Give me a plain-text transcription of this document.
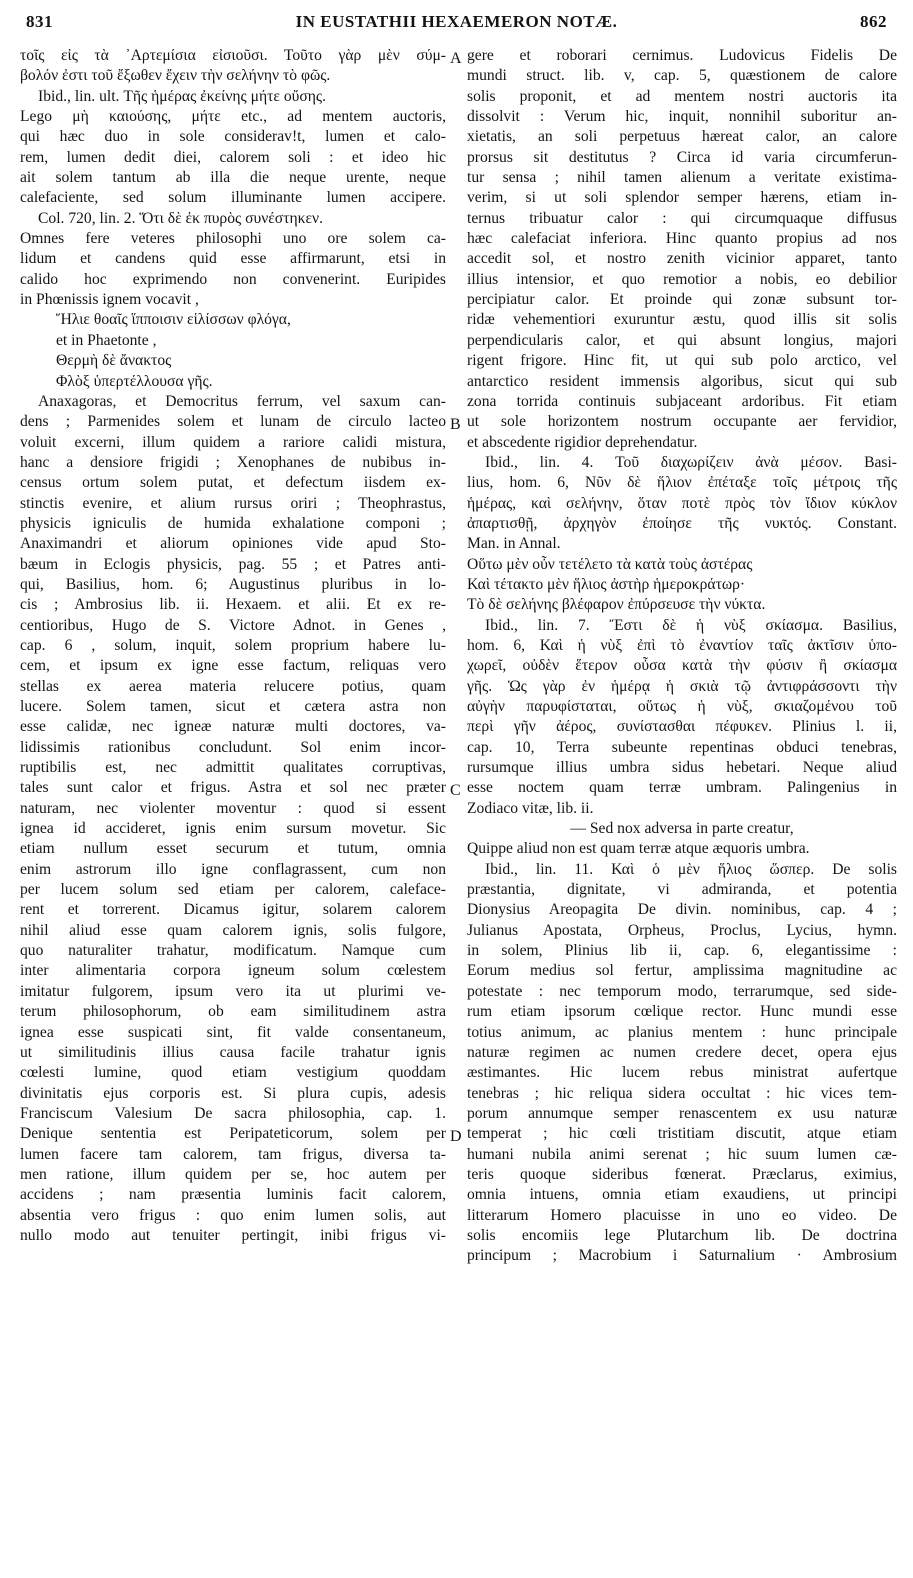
831	IN EUSTATHII HEXAEMERON NOTÆ.	862
τοῖς εἰς τὰ ᾿Αρτεμίσια εἰσιοῦσι. Τοῦτο γὰρ μὲν σύμ-
βολόν ἐστι τοῦ ἔξωθεν ἔχειν τὴν σελήνην τὸ φῶς.
Ibid., lin. ult. Τῆς ἡμέρας ἐκείνης μήτε οὔσης.
Lego μὴ καιούσης, μήτε etc., ad mentem auctoris,
qui hæc duo in sole considerav!t, lumen et calo-
rem, lumen dedit diei, calorem soli : et ideo hic
ait solem tantum ab illa die neque urente, neque
calefaciente, sed solum illuminante lumen accipere.
Col. 720, lin. 2. Ὅτι δὲ ἐκ πυρὸς συνέστηκεν.
Omnes fere veteres philosophi uno ore solem ca-
lidum et candens quid esse affirmarunt, etsi in
calido hoc exprimendo non convenerint. Euripides
in Phœnissis ignem vocavit ,
Ἥλιε θοαῖς ἵπποισιν εἱλίσσων φλόγα,
et in Phaetonte ,
Θερμὴ δὲ ἄνακτος
Φλὸξ ὑπερτέλλουσα γῆς.
Anaxagoras, et Democritus ferrum, vel saxum can-
dens ; Parmenides solem et lunam de circulo lacteo
voluit excerni, illum quidem a rariore calidi mistura,
hanc a densiore frigidi ; Xenophanes de nubibus in-
census ortum solem putat, et defectum iisdem ex-
stinctis evenire, et alium rursus oriri ; Theophrastus,
physicis igniculis de humida exhalatione componi ;
Anaximandri et aliorum opiniones vide apud Sto-
bæum in Eclogis physicis, pag. 55 ; et Patres anti-
qui, Basilius, hom. 6; Augustinus pluribus in lo-
cis ; Ambrosius lib. ii. Hexaem. et alii. Et ex re-
centioribus, Hugo de S. Victore Adnot. in Genes ,
cap. 6 , solum, inquit, solem proprium habere lu-
cem, et ipsum ex igne esse factum, reliquas vero
stellas ex aerea materia relucere potius, quam
lucere. Solem tamen, sicut et cætera astra non
esse calidæ, nec igneæ naturæ multi doctores, va-
lidissimis rationibus concludunt. Sol enim incor-
ruptibilis est, nec admittit qualitates corruptivas,
tales sunt calor et frigus. Astra et sol nec præter
naturam, nec violenter moventur : quod si essent
ignea id accideret, ignis enim sursum movetur. Sic
etiam nullum esset securum et tutum, omnia
enim astrorum illo igne conflagrassent, cum non
per lucem solum sed etiam per calorem, caleface-
rent et torrerent. Dicamus igitur, solarem calorem
nihil aliud esse quam calorem ignis, solis fulgore,
quo naturaliter trahatur, modificatum. Namque cum
inter alimentaria corpora igneum solum cœlestem
imitatur fulgorem, ipsum vero ita ut plurimi ve-
terum philosophorum, ob eam similitudinem astra
ignea esse suspicati sint, fit valde consentaneum,
ut similitudinis illius causa facile trahatur ignis
cœlesti lumine, quod etiam vestigium quoddam
divinitatis ejus corporis est. Si plura cupis, adesis
Franciscum Valesium De sacra philosophia, cap. 1.
Denique sententia est Peripateticorum, solem per
lumen facere tam calorem, tam frigus, diversa ta-
men ratione, illum quidem per se, hoc autem per
accidens ; nam præsentia luminis facit calorem,
absentia vero frigus : quo enim lumen solis, aut
nullo modo aut tenuiter pertingit, inibi frigus vi-
gere et roborari cernimus. Ludovicus Fidelis De
mundi struct. lib. v, cap. 5, quæstionem de calore
solis proponit, et ad mentem nostri auctoris ita
dissolvit : Verum hic, inquit, nonnihil suboritur an-
xietatis, an soli perpetuus hæreat calor, an calore
prorsus sit destitutus ? Circa id varia circumferun-
tur sensa ; nihil tamen alienum a veritate existima-
verim, si ut soli splendor semper hærens, etiam in-
ternus tribuatur calor : qui circumquaque diffusus
hæc calefaciat inferiora. Hinc quanto propius ad nos
accedit sol, et nostro zenith vicinior apparet, tanto
illius intensior, et quo remotior a nobis, eo debilior
percipiatur calor. Et proinde qui zonæ subsunt tor-
ridæ vehementiori exuruntur æstu, quod illis sit solis
perpendicularis calor, et qui absunt longius, majori
rigent frigore. Hinc fit, ut qui sub polo arctico, vel
antarctico resident immensis algoribus, sicut qui sub
zona torrida continuis subjaceant ardoribus. Fit etiam
ut sole horizontem nostrum occupante aer fervidior,
et abscedente rigidior deprehendatur.
Ibid., lin. 4. Τοῦ διαχωρίζειν ἀνὰ μέσον. Basi-
lius, hom. 6, Νῦν δὲ ἥλιον ἐπέταξε τοῖς μέτροις τῆς
ἡμέρας, καὶ σελήνην, ὅταν ποτὲ πρὸς τὸν ἴδιον κύκλον
ἀπαρτισθῇ, ἀρχηγὸν ἐποίησε τῆς νυκτός. Constant.
Man. in Annal.
Οὕτω μὲν οὖν τετέλετο τὰ κατὰ τοὺς ἀστέρας
Καὶ τέτακτο μὲν ἥλιος ἀστὴρ ἡμεροκράτωρ·
Τὸ δὲ σελήνης βλέφαρον ἐπύρσευσε τὴν νύκτα.
Ibid., lin. 7. Ἔστι δὲ ἡ νὺξ σκίασμα. Basilius,
hom. 6, Καὶ ἡ νὺξ ἐπὶ τὸ ἐναντίον ταῖς ἀκτῖσιν ὑπο-
χωρεῖ, οὐδὲν ἕτερον οὖσα κατὰ τὴν φύσιν ἢ σκίασμα
γῆς. Ὡς γὰρ ἐν ἡμέρᾳ ἡ σκιὰ τῷ ἀντιφράσσοντι τὴν
αὐγὴν παρυφίσταται, οὕτως ἡ νὺξ, σκιαζομένου τοῦ
περὶ γῆν ἀέρος, συνίστασθαι πέφυκεν. Plinius l. ii,
cap. 10, Terra subeunte repentinas obduci tenebras,
rursumque illius umbra sidus hebetari. Neque aliud
esse noctem quam terræ umbram. Palingenius in
Zodiaco vitæ, lib. ii.
— Sed nox adversa in parte creatur,
Quippe aliud non est quam terræ atque æquoris umbra.
Ibid., lin. 11. Καὶ ὁ μὲν ἥλιος ὥσπερ. De solis
præstantia, dignitate, vi admiranda, et potentia
Dionysius Areopagita De divin. nominibus, cap. 4 ;
Julianus Apostata, Orpheus, Proclus, Lycius, hymn.
in solem, Plinius lib ii, cap. 6, elegantissime :
Eorum medius sol fertur, amplissima magnitudine ac
potestate : nec temporum modo, terrarumque, sed side-
rum etiam ipsorum cœlique rector. Hunc mundi esse
totius animum, ac planius mentem : hunc principale
naturæ regimen ac numen credere decet, opera ejus
æstimantes. Hic lucem rebus ministrat aufertque
tenebras ; hic reliqua sidera occultat : hic vices tem-
porum annumque semper renascentem ex usu naturæ
temperat ; hic cœli tristitiam discutit, atque etiam
humani nubila animi serenat ; hic suum lumen cæ-
teris quoque sideribus fœnerat. Præclarus, eximius,
omnia intuens, omnia etiam exaudiens, ut principi
litterarum Homero placuisse in uno eo video. De
solis encomiis lege Plutarchum lib. De doctrina
principum ; Macrobium i Saturnalium · Ambrosium
A
B
C
D
